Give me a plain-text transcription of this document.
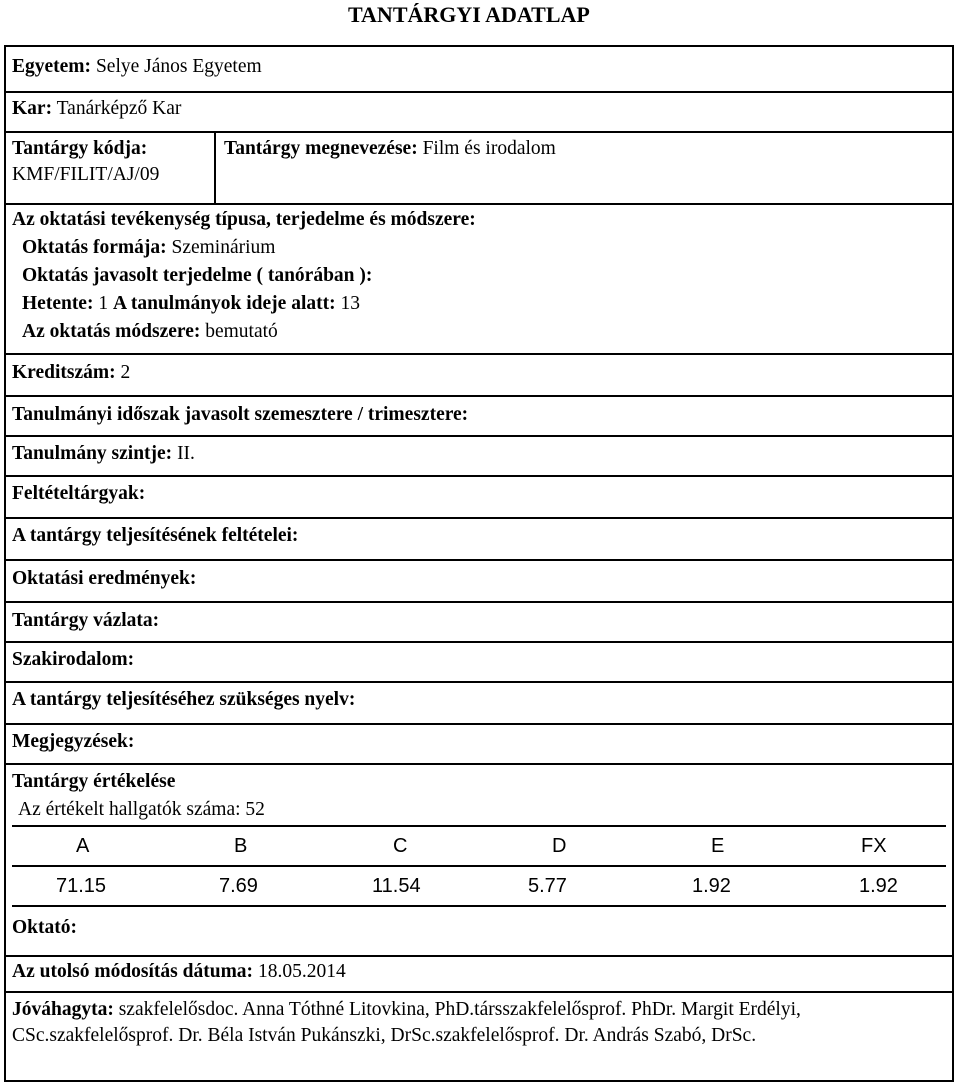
TANTÁRGYI ADATLAP
Egyetem: Selye János Egyetem
Kar: Tanárképző Kar
Tantárgy kódja:
KMF/FILIT/AJ/09
Tantárgy megnevezése: Film és irodalom
Az oktatási tevékenység típusa, terjedelme és módszere:
Oktatás formája: Szeminárium
Oktatás javasolt terjedelme ( tanórában ):
Hetente: 1 A tanulmányok ideje alatt: 13
Az oktatás módszere: bemutató
Kreditszám: 2
Tanulmányi időszak javasolt szemesztere / trimesztere:
Tanulmány szintje: II.
Feltételtárgyak:
A tantárgy teljesítésének feltételei:
Oktatási eredmények:
Tantárgy vázlata:
Szakirodalom:
A tantárgy teljesítéséhez szükséges nyelv:
Megjegyzések:
Tantárgy értékelése
Az értékelt hallgatók száma: 52
A	B	C	D	E	FX
71.15	7.69	11.54	5.77	1.92	1.92
Oktató:
Az utolsó módosítás dátuma: 18.05.2014
Jóváhagyta: szakfelelősdoc. Anna Tóthné Litovkina, PhD.társszakfelelősprof. PhDr. Margit Erdélyi, CSc.szakfelelősprof. Dr. Béla István Pukánszki, DrSc.szakfelelősprof. Dr. András Szabó, DrSc.
